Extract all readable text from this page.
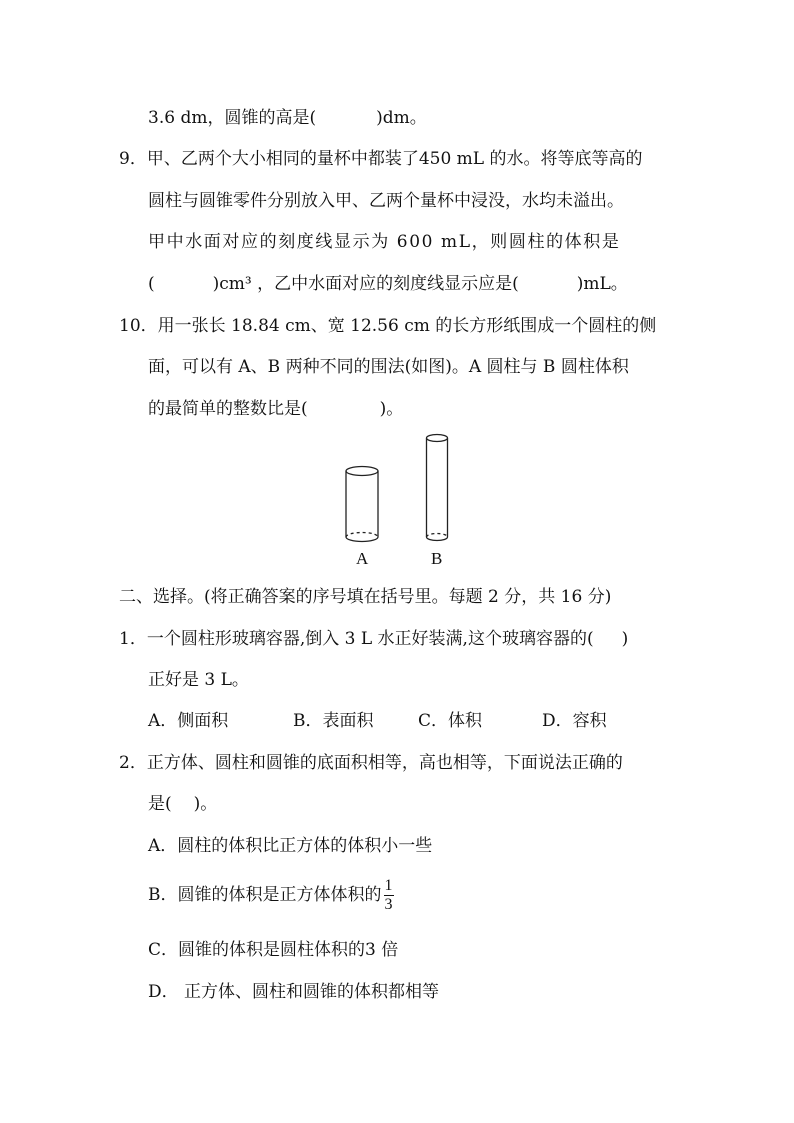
3.6 dm，圆锥的高是(	)dm。
9．甲、乙两个大小相同的量杯中都装了450 mL 的水。将等底等高的
圆柱与圆锥零件分别放入甲、乙两个量杯中浸没，水均未溢出。
甲中水面对应的刻度线显示为 600 mL，则圆柱的体积是
(	)cm³ ，乙中水面对应的刻度线显示应是(	)mL。
10．用一张长 18.84 cm、宽 12.56 cm 的长方形纸围成一个圆柱的侧
面，可以有 A、B 两种不同的围法(如图)。A 圆柱与 B 圆柱体积
的最简单的整数比是(	)。
A	B
二、选择。(将正确答案的序号填在括号里。每题 2 分，共 16 分)
1．一个圆柱形玻璃容器,倒入 3 L 水正好装满,这个玻璃容器的( )
正好是 3 L。
A．侧面积	B．表面积	C．体积	D．容积
2．正方体、圆柱和圆锥的底面积相等，高也相等，下面说法正确的
是( )。
A．圆柱的体积比正方体的体积小一些
B．圆锥的体积是正方体体积的 $\frac{1}{3}$
C．圆锥的体积是圆柱体积的3 倍
D． 正方体、圆柱和圆锥的体积都相等
